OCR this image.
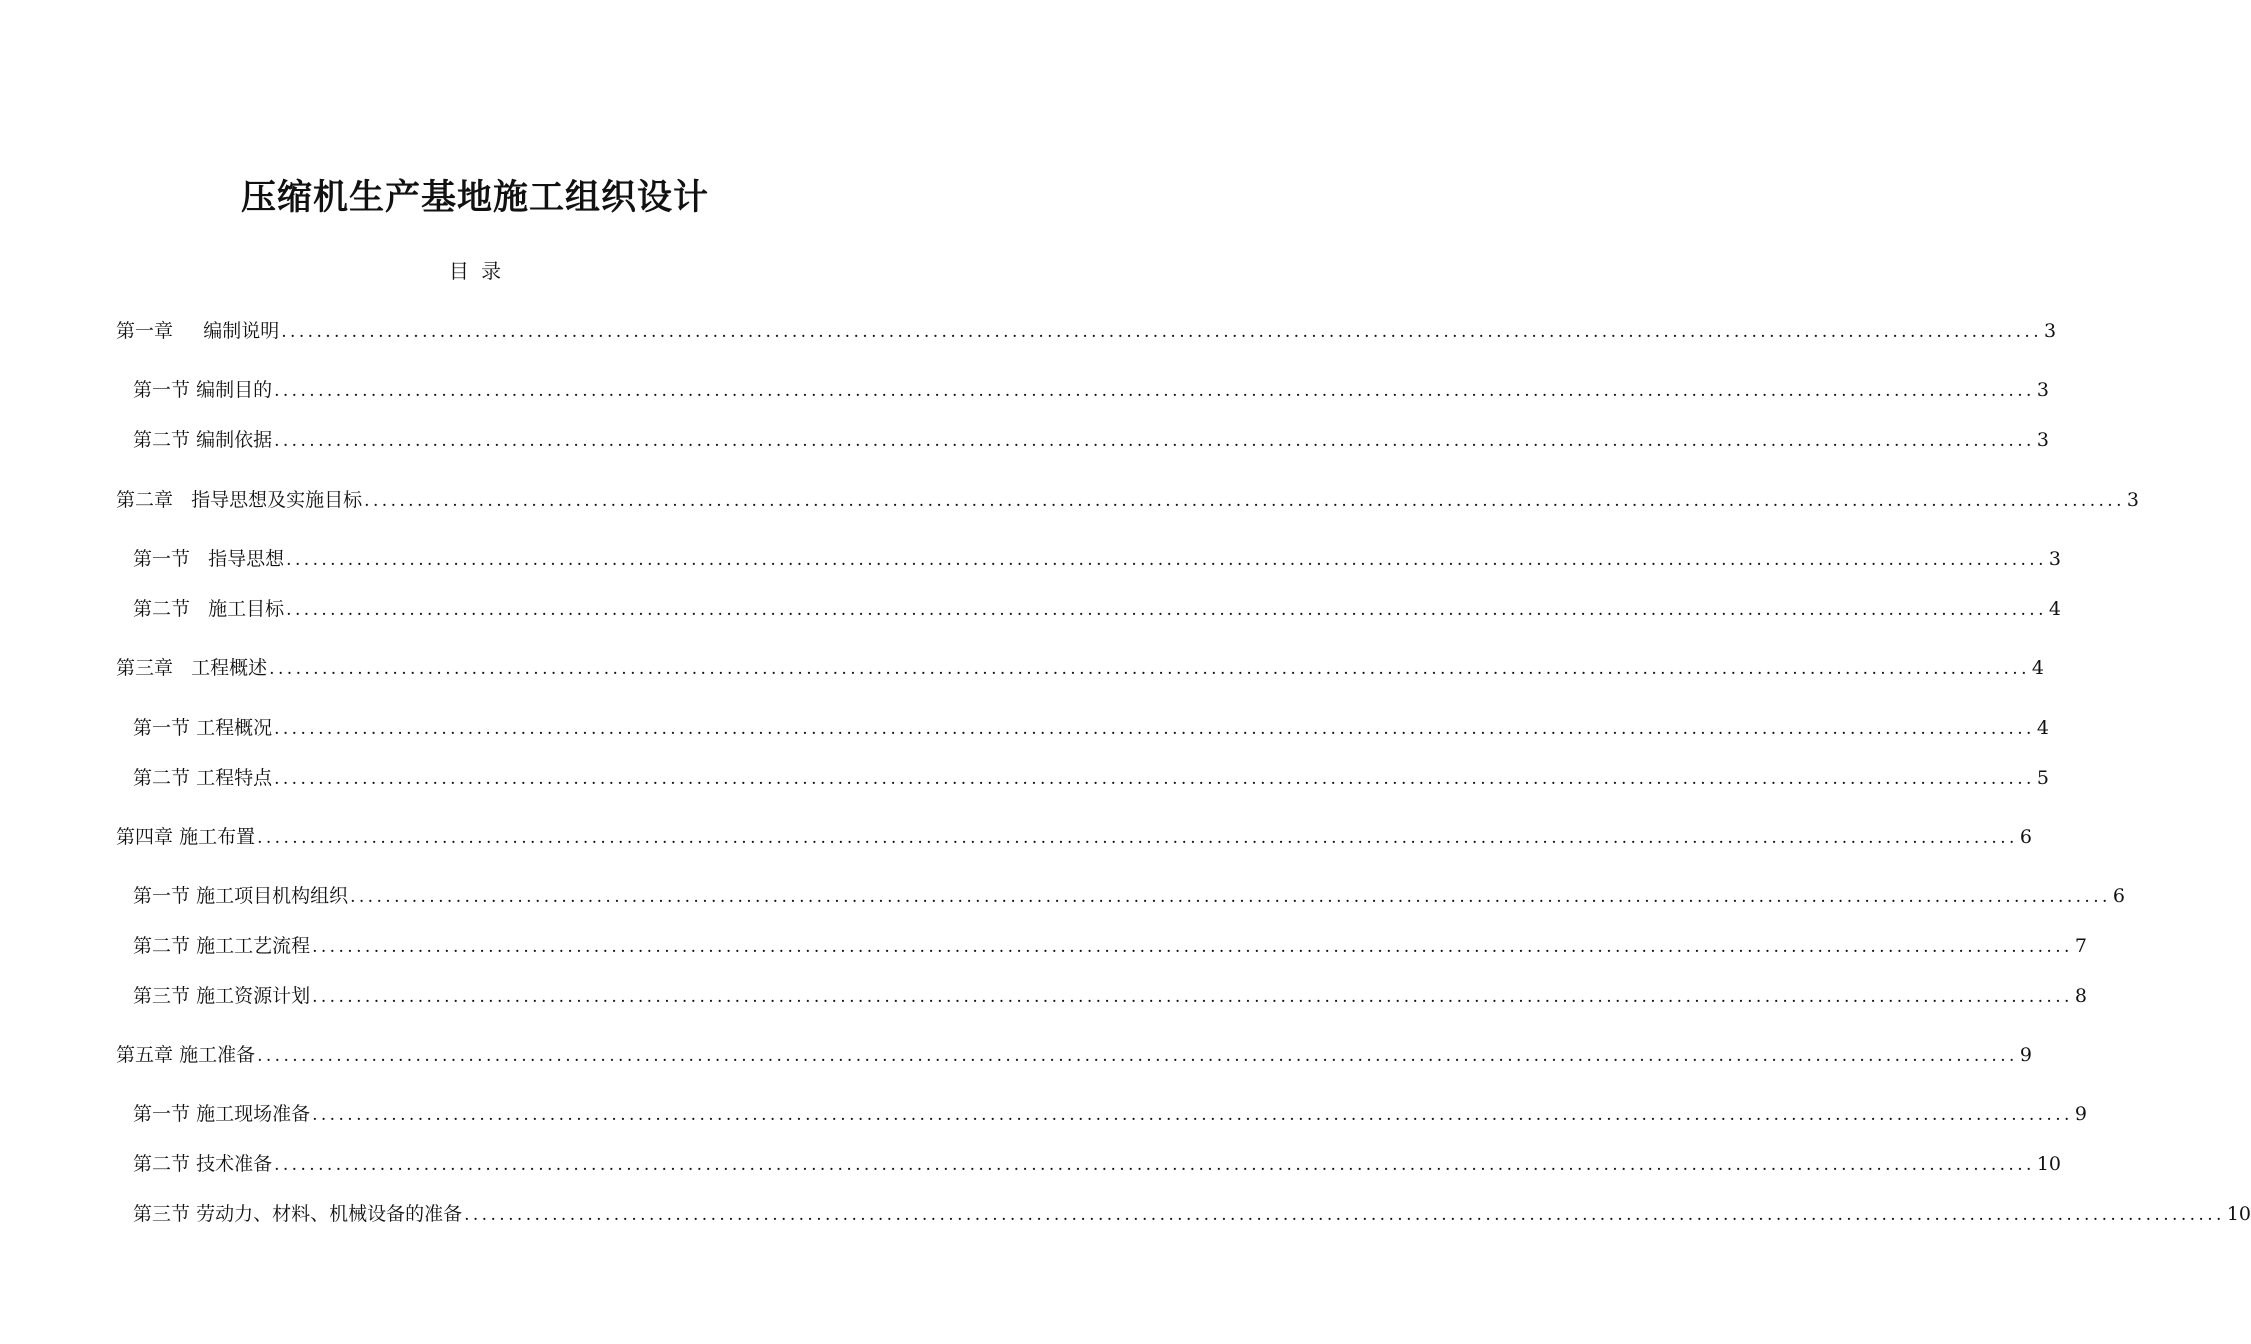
压缩机生产基地施工组织设计
目 录
第一章
编制说明 ........................................................................................................................................................................................................ 3
第一节
编制目的 ........................................................................................................................................................................................................ 3
第二节
编制依据 ........................................................................................................................................................................................................ 3
第二章
指导思想及实施目标 ........................................................................................................................................................................................................ 3
第一节
指导思想 ........................................................................................................................................................................................................ 3
第二节
施工目标 ........................................................................................................................................................................................................ 4
第三章
工程概述 ........................................................................................................................................................................................................ 4
第一节
工程概况 ........................................................................................................................................................................................................ 4
第二节
工程特点 ........................................................................................................................................................................................................ 5
第四章
施工布置 ........................................................................................................................................................................................................ 6
第一节
施工项目机构组织 ........................................................................................................................................................................................................ 6
第二节
施工工艺流程 ........................................................................................................................................................................................................ 7
第三节
施工资源计划 ........................................................................................................................................................................................................ 8
第五章
施工准备 ........................................................................................................................................................................................................ 9
第一节
施工现场准备 ........................................................................................................................................................................................................ 9
第二节
技术准备 ........................................................................................................................................................................................................ 10
第三节
劳动力、材料、机械设备的准备 ........................................................................................................................................................................................................ 10
